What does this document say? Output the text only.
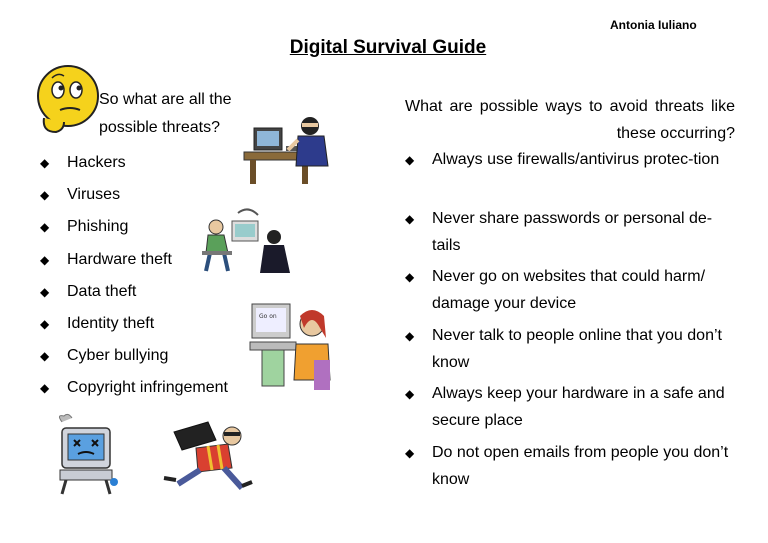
Antonia Iuliano
Digital Survival Guide
So what are all the possible threats?
◆ Hackers
◆ Viruses
◆ Phishing
◆ Hardware theft
◆ Data theft
◆ Identity theft
◆ Cyber bullying
◆ Copyright infringement
Go on
What are possible ways to avoid threats like these occurring?
◆ Always use firewalls/antivirus protec-tion
◆ Never share passwords or personal de-tails
◆ Never go on websites that could harm/ damage your device
◆ Never talk to people online that you don’t know
◆ Always keep your hardware in a safe and secure place
◆ Do not open emails from people you don’t know
